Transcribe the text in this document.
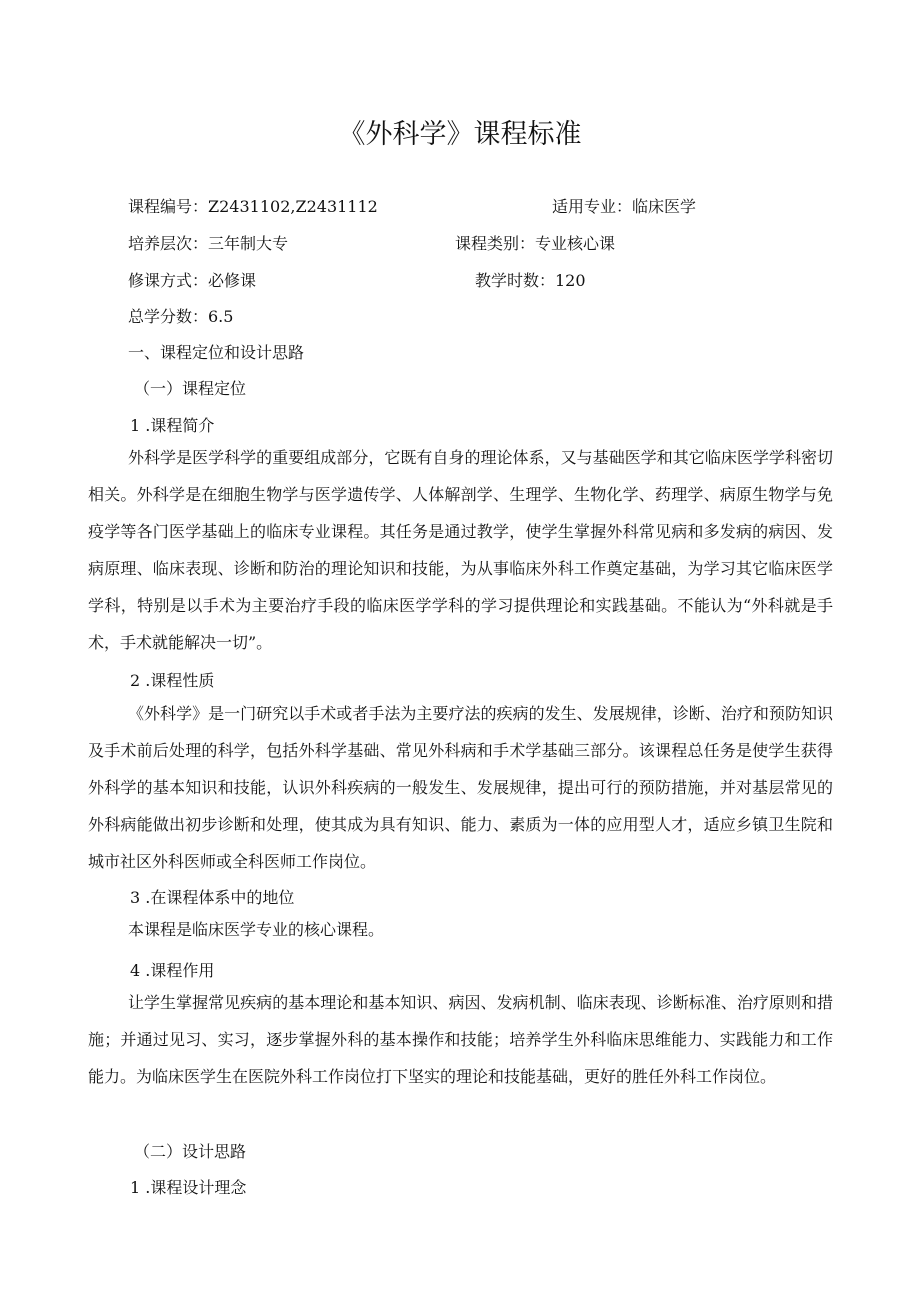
《外科学》课程标准
课程编号：Z2431102,Z2431112	适用专业：临床医学
培养层次：三年制大专	课程类别：专业核心课
修课方式：必修课	教学时数：120
总学分数：6.5
一、课程定位和设计思路
（一）课程定位
1 .课程简介

外科学是医学科学的重要组成部分，它既有自身的理论体系，又与基础医学和其它临床医学学科密切相关。外科学是在细胞生物学与医学遗传学、人体解剖学、生理学、生物化学、药理学、病原生物学与免疫学等各门医学基础上的临床专业课程。其任务是通过教学，使学生掌握外科常见病和多发病的病因、发病原理、临床表现、诊断和防治的理论知识和技能，为从事临床外科工作奠定基础，为学习其它临床医学学科，特别是以手术为主要治疗手段的临床医学学科的学习提供理论和实践基础。不能认为“外科就是手术，手术就能解决一切”。

2 .课程性质

《外科学》是一门研究以手术或者手法为主要疗法的疾病的发生、发展规律，诊断、治疗和预防知识及手术前后处理的科学，包括外科学基础、常见外科病和手术学基础三部分。该课程总任务是使学生获得外科学的基本知识和技能，认识外科疾病的一般发生、发展规律，提出可行的预防措施，并对基层常见的外科病能做出初步诊断和处理，使其成为具有知识、能力、素质为一体的应用型人才，适应乡镇卫生院和城市社区外科医师或全科医师工作岗位。

3 .在课程体系中的地位

本课程是临床医学专业的核心课程。

4 .课程作用

让学生掌握常见疾病的基本理论和基本知识、病因、发病机制、临床表现、诊断标准、治疗原则和措施；并通过见习、实习，逐步掌握外科的基本操作和技能；培养学生外科临床思维能力、实践能力和工作能力。为临床医学生在医院外科工作岗位打下坚实的理论和技能基础，更好的胜任外科工作岗位。

（二）设计思路
1 .课程设计理念
